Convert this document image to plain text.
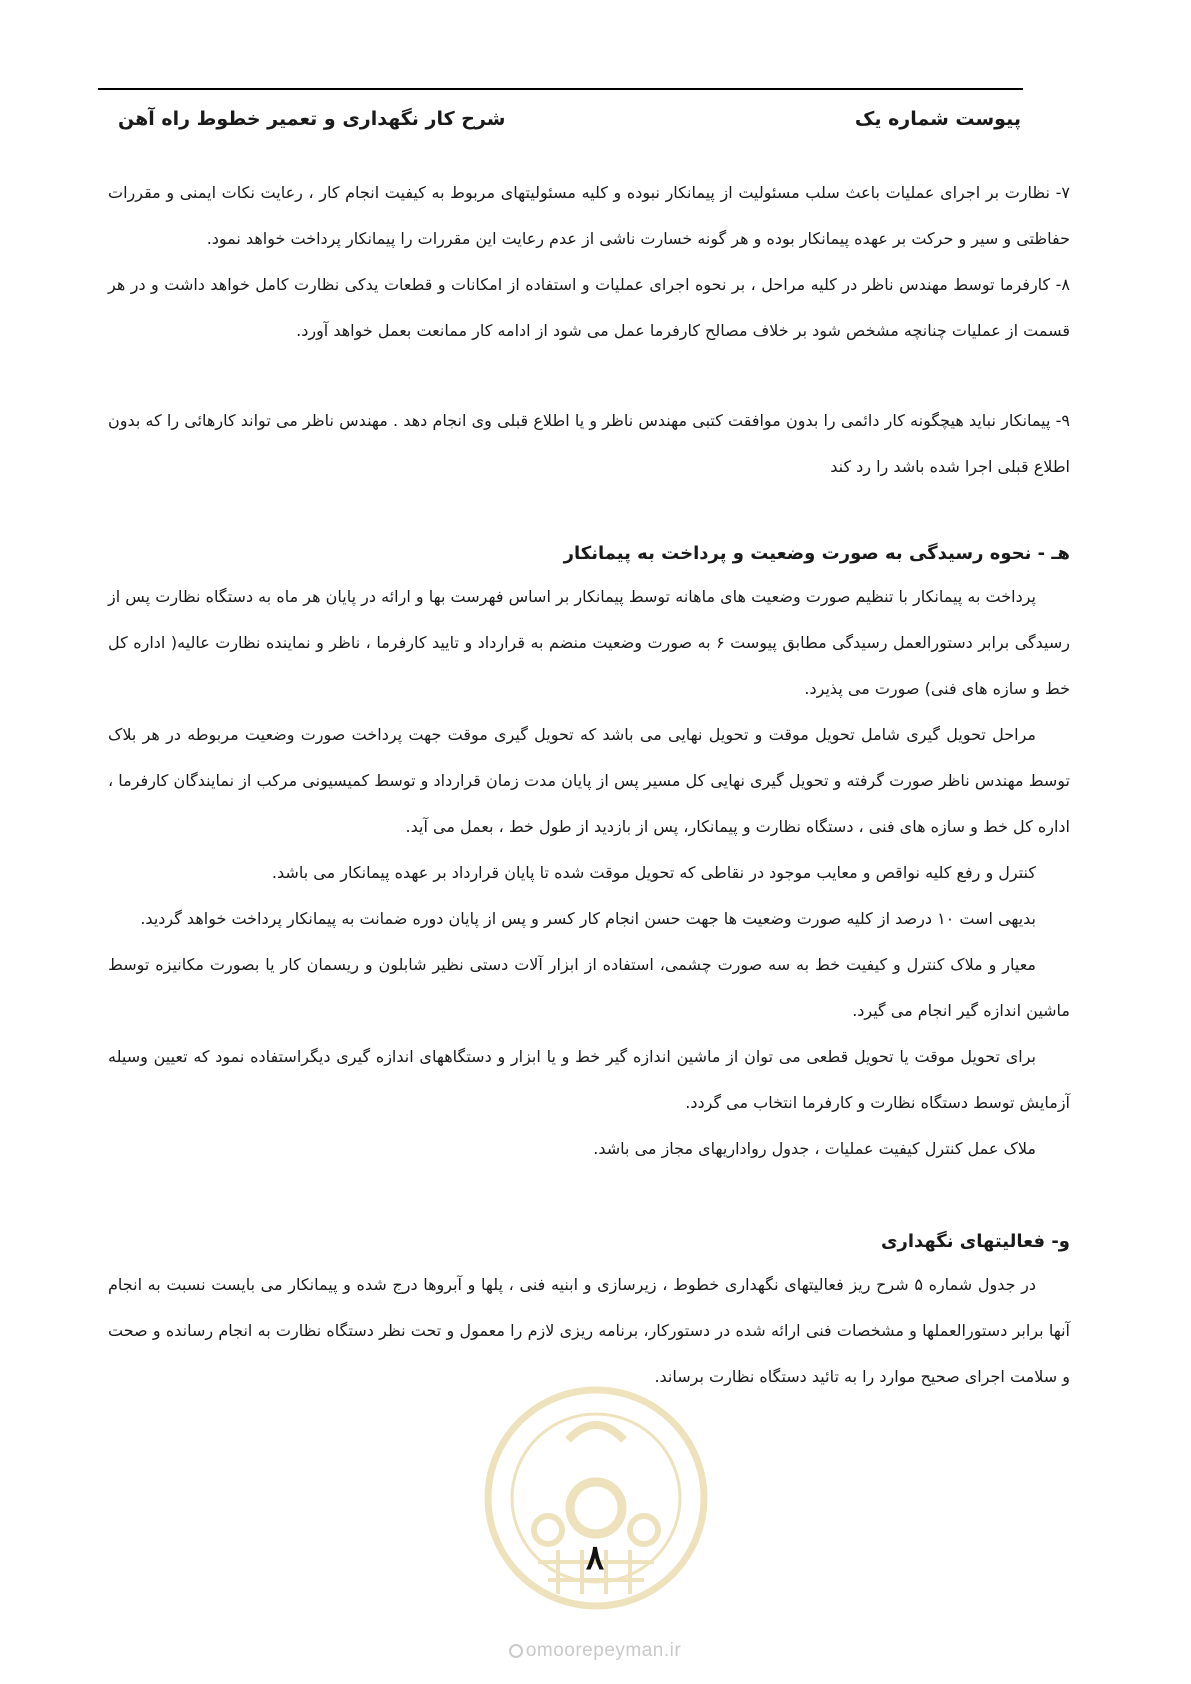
پیوست شماره یک
شرح کار نگهداری و تعمیر خطوط راه آهن

۷- نظارت بر اجرای عملیات باعث سلب مسئولیت از پیمانکار نبوده و کلیه مسئولیتهای مربوط به کیفیت انجام کار ، رعایت نکات ایمنی و مقررات حفاظتی و سیر و حرکت بر عهده پیمانکار بوده و هر گونه خسارت ناشی از عدم رعایت این مقررات را پیمانکار پرداخت خواهد نمود.

۸- کارفرما توسط مهندس ناظر در کلیه مراحل ، بر نحوه اجرای عملیات و استفاده از امکانات و قطعات یدکی نظارت کامل خواهد داشت و در هر قسمت از عملیات چنانچه مشخص شود بر خلاف مصالح کارفرما عمل می شود از ادامه کار ممانعت بعمل خواهد آورد.

۹- پیمانکار نباید هیچگونه کار دائمی را بدون موافقت کتبی مهندس ناظر و یا اطلاع قبلی وی انجام دهد . مهندس ناظر می تواند کارهائی را که بدون اطلاع قبلی اجرا شده باشد را رد کند

هـ - نحوه رسیدگی به صورت وضعیت و پرداخت به پیمانکار

پرداخت به پیمانکار با تنظیم صورت وضعیت های ماهانه توسط پیمانکار بر اساس فهرست بها و ارائه در پایان هر ماه به دستگاه نظارت پس از رسیدگی برابر دستورالعمل رسیدگی مطابق پیوست ۶ به صورت وضعیت منضم به قرارداد و تایید کارفرما ، ناظر و نماینده نظارت عالیه( اداره کل خط و سازه های فنی) صورت می پذیرد.

مراحل تحویل گیری شامل تحویل موقت و تحویل نهایی می باشد که تحویل گیری موقت جهت پرداخت صورت وضعیت مربوطه در هر بلاک توسط مهندس ناظر صورت گرفته و تحویل گیری نهایی کل مسیر پس از پایان مدت زمان قرارداد و توسط کمیسیونی مرکب از نمایندگان کارفرما ، اداره کل خط و سازه های فنی ، دستگاه نظارت و پیمانکار، پس از بازدید از طول خط ، بعمل می آید.

کنترل و رفع کلیه نواقص و معایب موجود در نقاطی که تحویل موقت شده تا پایان قرارداد بر عهده پیمانکار می باشد.

بدیهی است ۱۰ درصد از کلیه صورت وضعیت ها جهت حسن انجام کار کسر و پس از پایان دوره ضمانت به پیمانکار پرداخت خواهد گردید.

معیار و ملاک کنترل و کیفیت خط به سه صورت چشمی، استفاده از ابزار آلات دستی نظیر شابلون و ریسمان کار یا بصورت مکانیزه توسط ماشین اندازه گیر انجام می گیرد.

برای تحویل موقت یا تحویل قطعی می توان از ماشین اندازه گیر خط و یا ابزار و دستگاههای اندازه گیری دیگراستفاده نمود که تعیین وسیله آزمایش توسط دستگاه نظارت و کارفرما انتخاب می گردد.

ملاک عمل کنترل کیفیت عملیات ، جدول رواداریهای مجاز می باشد.

و- فعالیتهای نگهداری

در جدول شماره ۵ شرح ریز فعالیتهای نگهداری خطوط ، زیرسازی و ابنیه فنی ، پلها و آبروها درج شده و پیمانکار می بایست نسبت به انجام آنها برابر دستورالعملها و مشخصات فنی ارائه شده در دستورکار، برنامه ریزی لازم را معمول و تحت نظر دستگاه نظارت به انجام رسانده و صحت و سلامت اجرای صحیح موارد را به تائید دستگاه نظارت برساند.

۸
omoorepeyman.ir
